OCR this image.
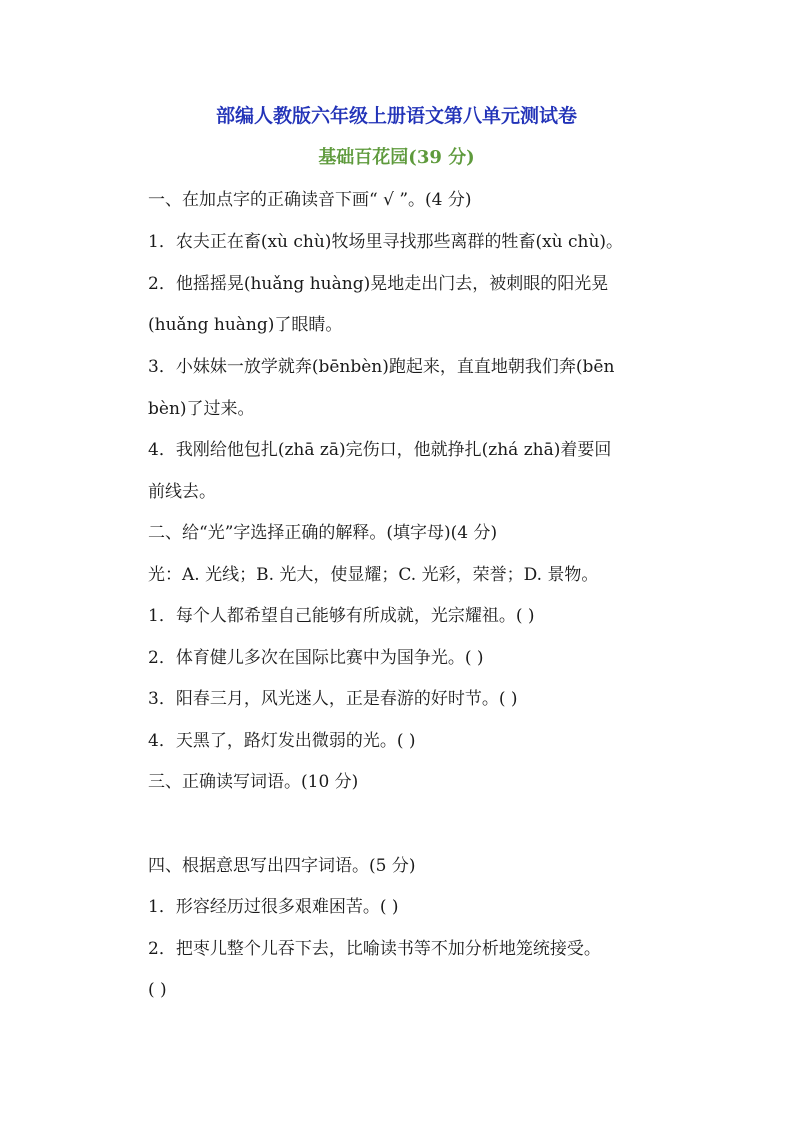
部编人教版六年级上册语文第八单元测试卷
基础百花园(39 分)
一、在加点字的正确读音下画“ √ ”。(4 分)
1．农夫正在畜(xù chù)牧场里寻找那些离群的牲畜(xù chù)。
2．他摇摇晃(huǎng huàng)晃地走出门去，被刺眼的阳光晃
(huǎng huàng)了眼睛。
3．小妹妹一放学就奔(bēnbèn)跑起来，直直地朝我们奔(bēn
bèn)了过来。
4．我刚给他包扎(zhā zā)完伤口，他就挣扎(zhá zhā)着要回
前线去。
二、给“光”字选择正确的解释。(填字母)(4 分)
光：A. 光线；B. 光大，使显耀；C. 光彩，荣誉；D. 景物。
1．每个人都希望自己能够有所成就，光宗耀祖。( )
2．体育健儿多次在国际比赛中为国争光。( )
3．阳春三月，风光迷人，正是春游的好时节。( )
4．天黑了，路灯发出微弱的光。( )
三、正确读写词语。(10 分)
四、根据意思写出四字词语。(5 分)
1．形容经历过很多艰难困苦。( )
2．把枣儿整个儿吞下去，比喻读书等不加分析地笼统接受。
( )
